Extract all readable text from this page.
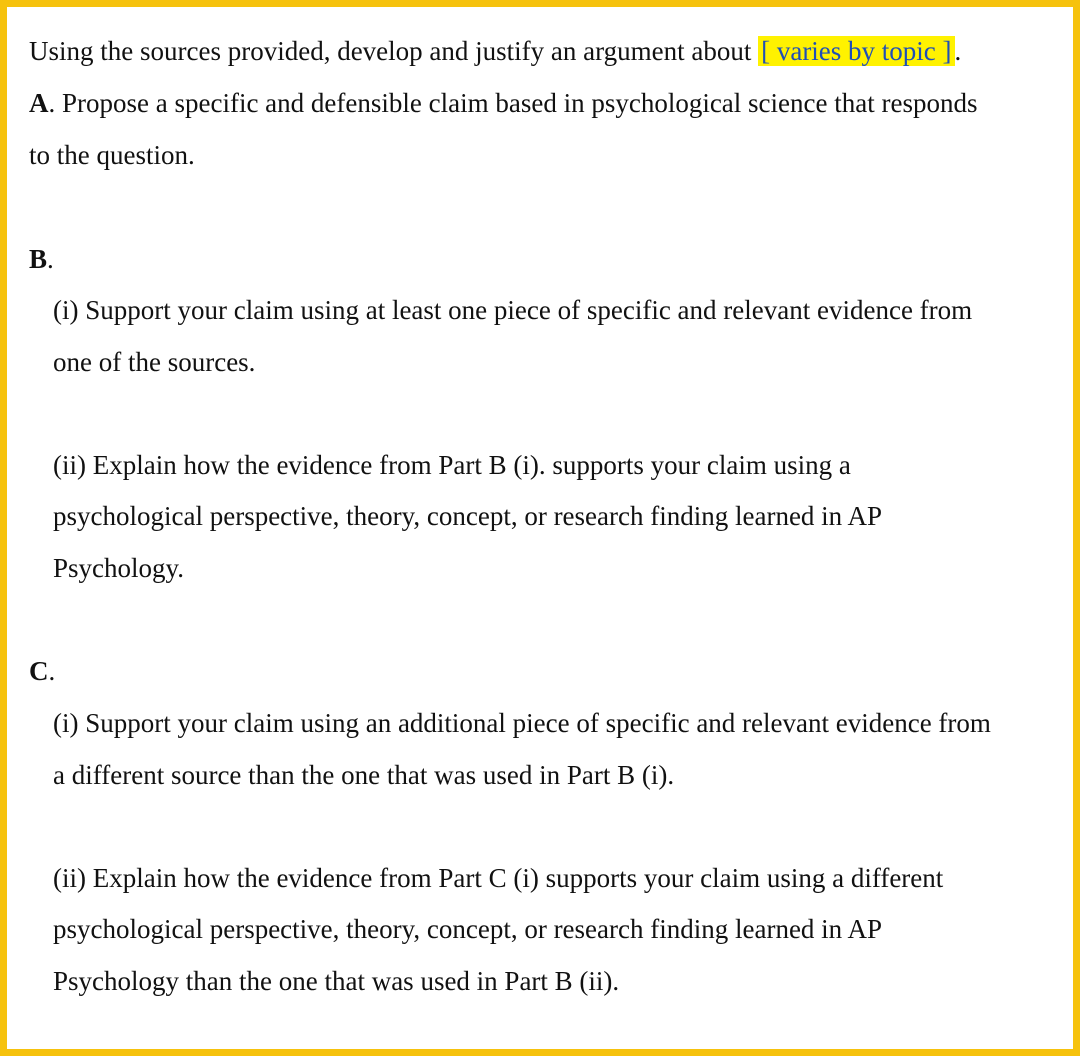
Using the sources provided, develop and justify an argument about [ varies by topic ] .
A. Propose a specific and defensible claim based in psychological science that responds
to the question.
B.
(i) Support your claim using at least one piece of specific and relevant evidence from
one of the sources.
(ii) Explain how the evidence from Part B (i). supports your claim using a
psychological perspective, theory, concept, or research finding learned in AP
Psychology.
C.
(i) Support your claim using an additional piece of specific and relevant evidence from
a different source than the one that was used in Part B (i).
(ii) Explain how the evidence from Part C (i) supports your claim using a different
psychological perspective, theory, concept, or research finding learned in AP
Psychology than the one that was used in Part B (ii).
